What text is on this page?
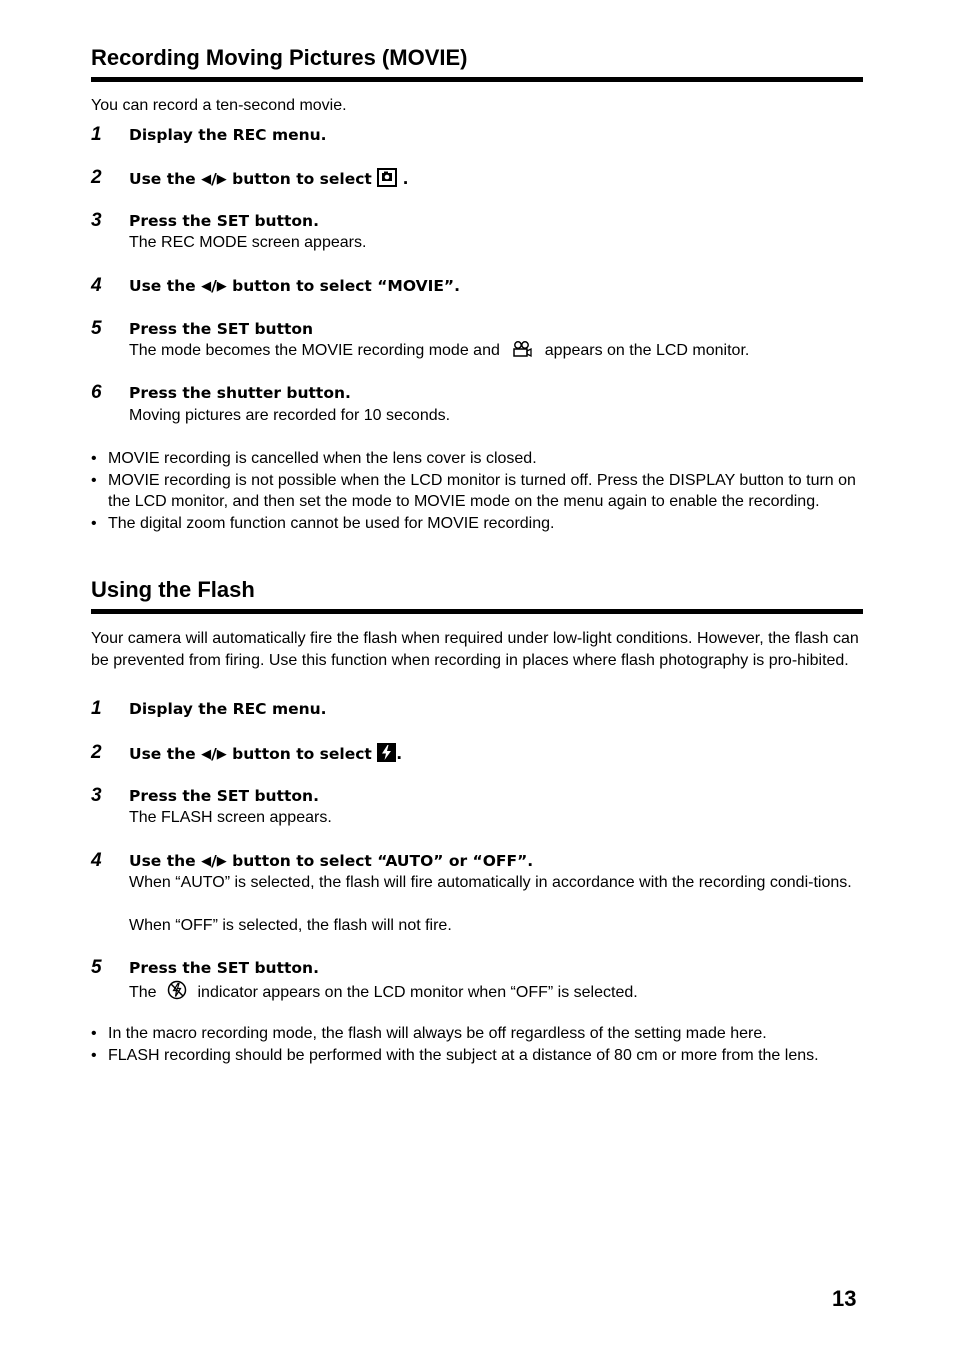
Recording Moving Pictures (MOVIE)
You can record a ten-second movie.
1 Display the REC menu.
2 Use the ◀/▶ button to select .
3 Press the SET button.
The REC MODE screen appears.
4 Use the ◀/▶ button to select “MOVIE”.
5 Press the SET button
The mode becomes the MOVIE recording mode and	appears on the LCD monitor.
6 Press the shutter button.
Moving pictures are recorded for 10 seconds.
• MOVIE recording is cancelled when the lens cover is closed.
• MOVIE recording is not possible when the LCD monitor is turned off. Press the DISPLAY button to turn on the LCD monitor, and then set the mode to MOVIE mode on the menu again to enable the recording.
• The digital zoom function cannot be used for MOVIE recording.
Using the Flash
Your camera will automatically fire the flash when required under low-light conditions. However, the flash can be prevented from firing. Use this function when recording in places where flash photography is pro-hibited.
1 Display the REC menu.
2 Use the ◀/▶ button to select .
3 Press the SET button.
The FLASH screen appears.
4 Use the ◀/▶ button to select “AUTO” or “OFF”.
When “AUTO” is selected, the flash will fire automatically in accordance with the recording condi-tions.
When “OFF” is selected, the flash will not fire.
5 Press the SET button.
The	indicator appears on the LCD monitor when “OFF” is selected.
• In the macro recording mode, the flash will always be off regardless of the setting made here.
• FLASH recording should be performed with the subject at a distance of 80 cm or more from the lens.
13
